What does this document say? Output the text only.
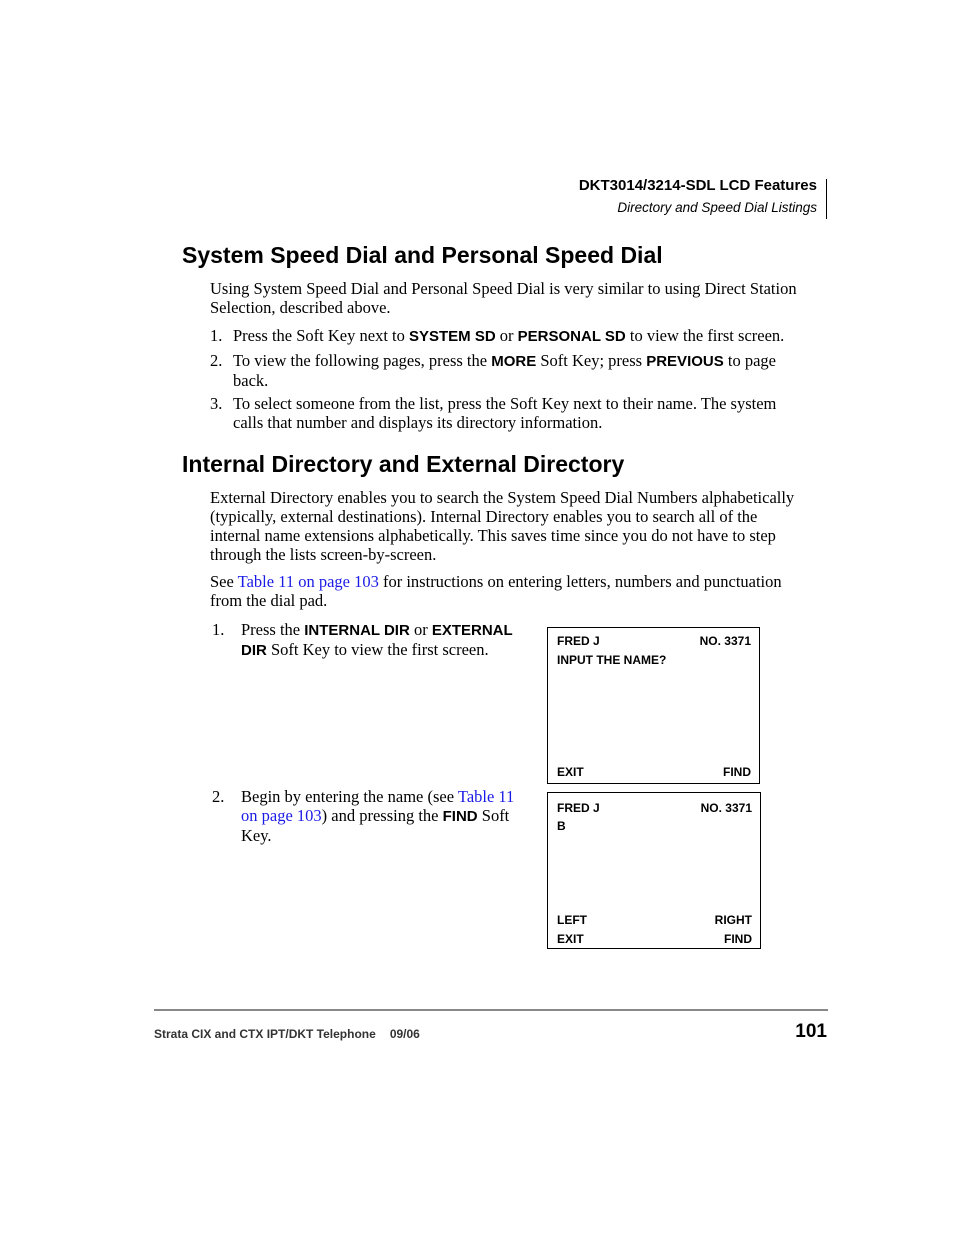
DKT3014/3214-SDL LCD Features
Directory and Speed Dial Listings
System Speed Dial and Personal Speed Dial
Using System Speed Dial and Personal Speed Dial is very similar to using Direct Station Selection, described above.
1. Press the Soft Key next to SYSTEM SD or PERSONAL SD to view the first screen.
2. To view the following pages, press the MORE Soft Key; press PREVIOUS to page back.
3. To select someone from the list, press the Soft Key next to their name. The system calls that number and displays its directory information.
Internal Directory and External Directory
External Directory enables you to search the System Speed Dial Numbers alphabetically (typically, external destinations). Internal Directory enables you to search all of the internal name extensions alphabetically. This saves time since you do not have to step through the lists screen-by-screen.
See Table 11 on page 103 for instructions on entering letters, numbers and punctuation from the dial pad.
1. Press the INTERNAL DIR or EXTERNAL DIR Soft Key to view the first screen.
2. Begin by entering the name (see Table 11 on page 103) and pressing the FIND Soft Key.
FRED J	NO. 3371
INPUT THE NAME?
EXIT	FIND
FRED J	NO. 3371
B
LEFT	RIGHT
EXIT	FIND
Strata CIX and CTX IPT/DKT Telephone 09/06	101
